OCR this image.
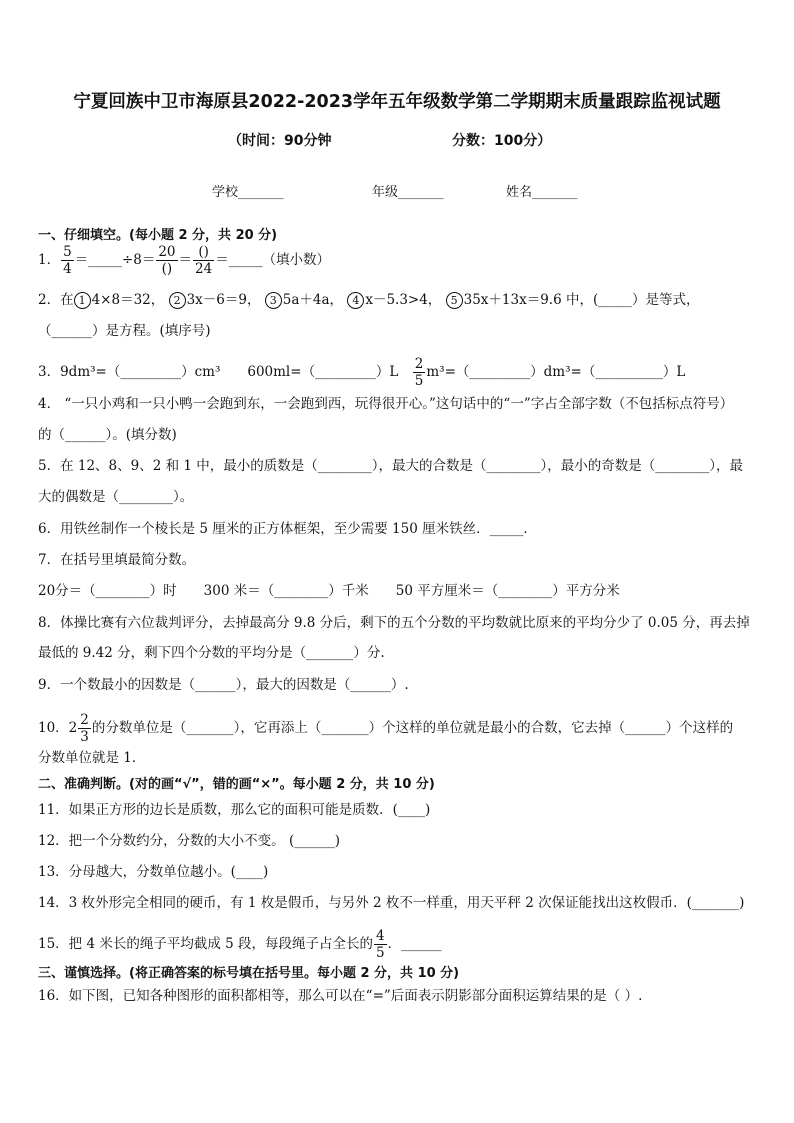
宁夏回族中卫市海原县2022-2023学年五年级数学第二学期期末质量跟踪监视试题
（时间：90分钟	分数：100分）
学校_______	年级_______	姓名_______
一、仔细填空。(每小题 2 分，共 20 分)
1． $\frac{5}{4}$ ＝_____÷8＝ $\frac{20}{()} = \frac{()}{24}$ ＝_____（填小数）
2．在 1 4×8＝32， 2 3x－6＝9， 3 5a＋4a， 4 x－5.3>4， 5 35x＋13x＝9.6 中，(_____）是等式，
（______）是方程。(填序号)
3．9dm³=（_________）cm³　　600ml=（_________）L　 $\frac{2}{5}$ m³=（_________）dm³=（__________）L
4． “一只小鸡和一只小鸭一会跑到东，一会跑到西，玩得很开心。”这句话中的“一”字占全部字数（不包括标点符号）
的（______）。(填分数)
5．在 12、8、9、2 和 1 中，最小的质数是（________），最大的合数是（________），最小的奇数是（________），最
大的偶数是（________）。
6．用铁丝制作一个棱长是 5 厘米的正方体框架，至少需要 150 厘米铁丝．_____．
7．在括号里填最简分数。
20分＝（________）时　　300 米＝（________）千米　　50 平方厘米＝（________）平方分米
8．体操比赛有六位裁判评分，去掉最高分 9.8 分后，剩下的五个分数的平均数就比原来的平均分少了 0.05 分，再去掉
最低的 9.42 分，剩下四个分数的平均分是（_______）分.
9．一个数最小的因数是（______），最大的因数是（______）.
10．$2 \frac{2}{3}$ 的分数单位是（_______），它再添上（_______）个这样的单位就是最小的合数，它去掉（______）个这样的
分数单位就是 1．
二、准确判断。(对的画“√”，错的画“×”。每小题 2 分，共 10 分)
11．如果正方形的边长是质数，那么它的面积可能是质数．(____)
12．把一个分数约分，分数的大小不变。 (______)
13．分母越大，分数单位越小。(____)
14．3 枚外形完全相同的硬币，有 1 枚是假币，与另外 2 枚不一样重，用天平秤 2 次保证能找出这枚假币．(_______)
15．把 4 米长的绳子平均截成 5 段，每段绳子占全长的 $\frac{4}{5}$ ．______
三、谨慎选择。(将正确答案的标号填在括号里。每小题 2 分，共 10 分)
16．如下图，已知各种图形的面积都相等，那么可以在“=”后面表示阴影部分面积运算结果的是（ ）.
